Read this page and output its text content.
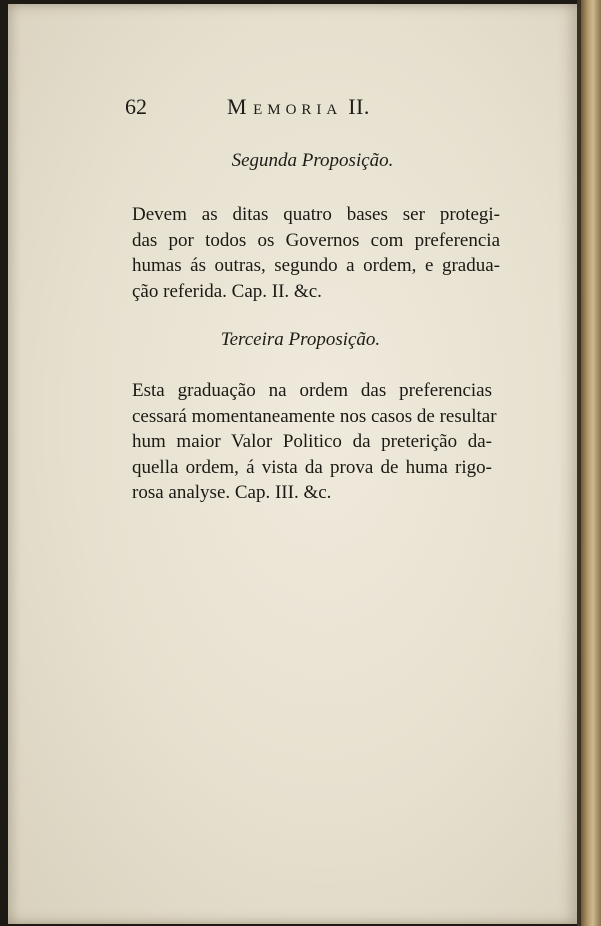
62	M EMORIA II.
Segunda Proposição.
Devem as ditas quatro bases ser protegi-
das por todos os Governos com preferencia
humas ás outras, segundo a ordem, e gradua-
ção referida. Cap. II. &c.
Terceira Proposição.
Esta graduação na ordem das preferencias
cessará momentaneamente nos casos de resultar
hum maior Valor Politico da preterição da-
quella ordem, á vista da prova de huma rigo-
rosa analyse. Cap. III. &c.
